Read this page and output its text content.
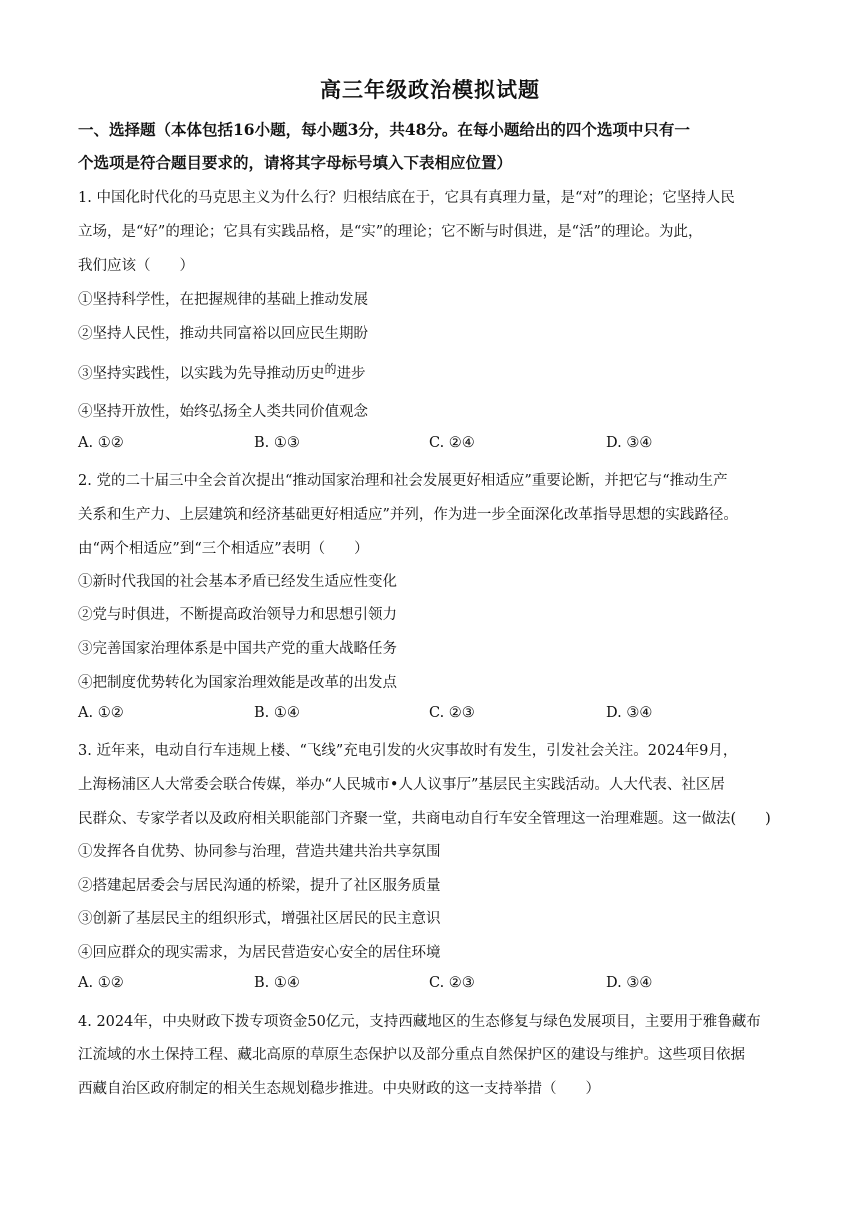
高三年级政治模拟试题
一、选择题（本体包括16小题，每小题3分，共48分。在每小题给出的四个选项中只有一
个选项是符合题目要求的，请将其字母标号填入下表相应位置）
1. 中国化时代化的马克思主义为什么行？归根结底在于，它具有真理力量，是“对”的理论；它坚持人民
立场，是“好”的理论；它具有实践品格，是“实”的理论；它不断与时俱进，是“活”的理论。为此，
我们应该（　　）
①坚持科学性，在把握规律的基础上推动发展
②坚持人民性，推动共同富裕以回应民生期盼
③坚持实践性，以实践为先导推动历史$^的$进步
④坚持开放性，始终弘扬全人类共同价值观念
A. ①②	B. ①③	C. ②④	D. ③④
2. 党的二十届三中全会首次提出“推动国家治理和社会发展更好相适应”重要论断，并把它与“推动生产
关系和生产力、上层建筑和经济基础更好相适应”并列，作为进一步全面深化改革指导思想的实践路径。
由“两个相适应”到“三个相适应”表明（　　）
①新时代我国的社会基本矛盾已经发生适应性变化
②党与时俱进，不断提高政治领导力和思想引领力
③完善国家治理体系是中国共产党的重大战略任务
④把制度优势转化为国家治理效能是改革的出发点
A. ①②	B. ①④	C. ②③	D. ③④
3. 近年来，电动自行车违规上楼、“飞线”充电引发的火灾事故时有发生，引发社会关注。2024年9月，
上海杨浦区人大常委会联合传媒，举办“人民城市•人人议事厅”基层民主实践活动。人大代表、社区居
民群众、专家学者以及政府相关职能部门齐聚一堂，共商电动自行车安全管理这一治理难题。这一做法(　　)
①发挥各自优势、协同参与治理，营造共建共治共享氛围
②搭建起居委会与居民沟通的桥梁，提升了社区服务质量
③创新了基层民主的组织形式，增强社区居民的民主意识
④回应群众的现实需求，为居民营造安心安全的居住环境
A. ①②	B. ①④	C. ②③	D. ③④
4. 2024年，中央财政下拨专项资金50亿元，支持西藏地区的生态修复与绿色发展项目，主要用于雅鲁藏布
江流域的水土保持工程、藏北高原的草原生态保护以及部分重点自然保护区的建设与维护。这些项目依据
西藏自治区政府制定的相关生态规划稳步推进。中央财政的这一支持举措（　　）
